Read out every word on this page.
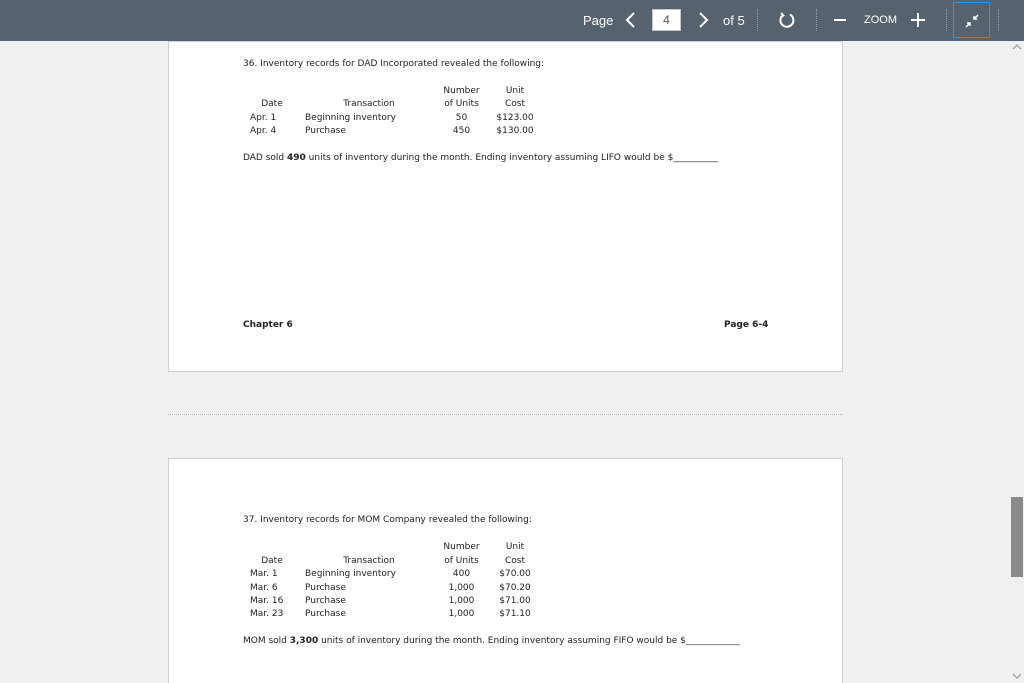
Page	4	of 5	ZOOM
36. Inventory records for DAD Incorporated revealed the following:
Number	Unit
Date	Transaction	of Units	Cost
Apr. 1	Beginning inventory	50	$123.00
Apr. 4	Purchase	450	$130.00
DAD sold 490 units of inventory during the month. Ending inventory assuming LIFO would be $__________
Chapter 6	Page 6-4
37. Inventory records for MOM Company revealed the following:
Number	Unit
Date	Transaction	of Units	Cost
Mar. 1	Beginning inventory	400	$70.00
Mar. 6	Purchase	1,000	$70.20
Mar. 16 Purchase	1,000	$71.00
Mar. 23 Purchase	1,000	$71.10
MOM sold 3,300 units of inventory during the month. Ending inventory assuming FIFO would be $____________
